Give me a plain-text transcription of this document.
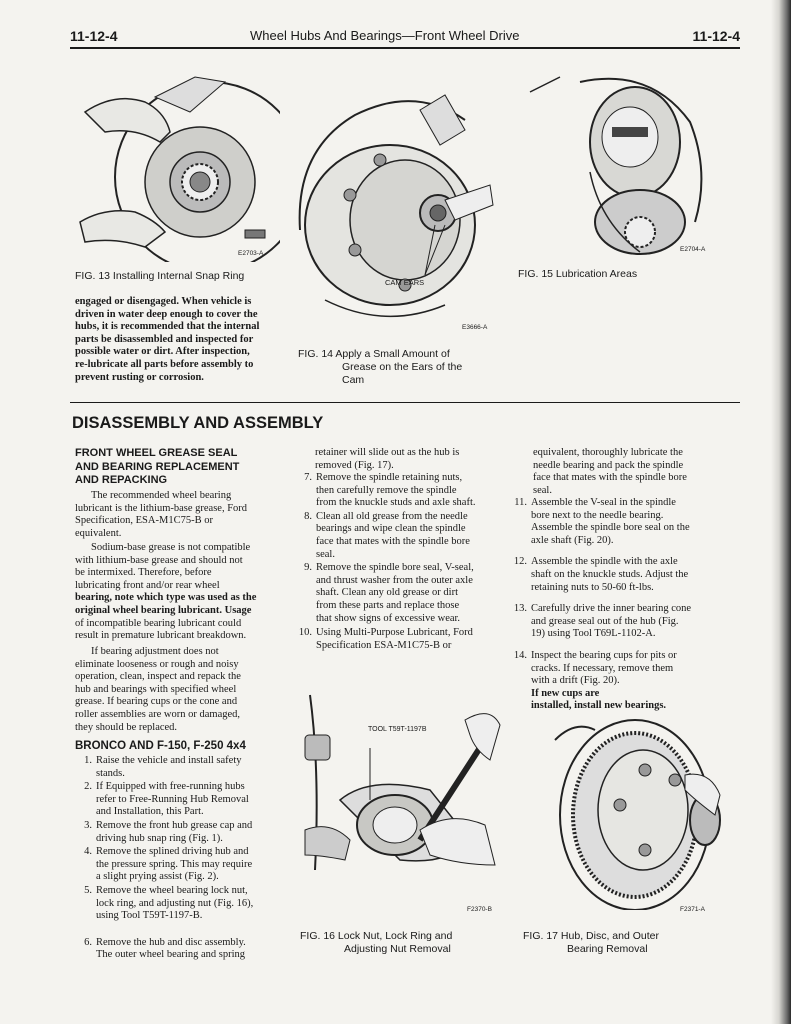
11-12-4	Wheel Hubs And Bearings—Front Wheel Drive	11-12-4
E2703-A
FIG. 13 Installing Internal Snap Ring
CAM EARS
E3666-A
FIG. 14 Apply a Small Amount of
Grease on the Ears of the
Cam
E2704-A
FIG. 15 Lubrication Areas
engaged or disengaged. When vehicle is
driven in water deep enough to cover the
hubs, it is recommended that the internal
parts be disassembled and inspected for
possible water or dirt. After inspection,
re-lubricate all parts before assembly to
prevent rusting or corrosion.
DISASSEMBLY AND ASSEMBLY
FRONT WHEEL GREASE SEAL
AND BEARING REPLACEMENT
AND REPACKING
The recommended wheel bearing
lubricant is the lithium-base grease, Ford
Specification, ESA-M1C75-B or
equivalent.
Sodium-base grease is not compatible
with lithium-base grease and should not
be intermixed. Therefore, before
lubricating front and/or rear wheel
bearing, note which type was used as the
original wheel bearing lubricant. Usage
of incompatible bearing lubricant could
result in premature lubricant breakdown.
If bearing adjustment does not
eliminate looseness or rough and noisy
operation, clean, inspect and repack the
hub and bearings with specified wheel
grease. If bearing cups or the cone and
roller assemblies are worn or damaged,
they should be replaced.
BRONCO AND F-150, F-250 4x4
1. Raise the vehicle and install safety
stands.
2. If Equipped with free-running hubs
refer to Free-Running Hub Removal
and Installation, this Part.
3. Remove the front hub grease cap and
driving hub snap ring (Fig. 1).
4. Remove the splined driving hub and
the pressure spring. This may require
a slight prying assist (Fig. 2).
5. Remove the wheel bearing lock nut,
lock ring, and adjusting nut (Fig. 16),
using Tool T59T-1197-B.
6. Remove the hub and disc assembly.
The outer wheel bearing and spring
retainer will slide out as the hub is
removed (Fig. 17).
7. Remove the spindle retaining nuts,
then carefully remove the spindle
from the knuckle studs and axle shaft.
8. Clean all old grease from the needle
bearings and wipe clean the spindle
face that mates with the spindle bore
seal.
9. Remove the spindle bore seal, V-seal,
and thrust washer from the outer axle
shaft. Clean any old grease or dirt
from these parts and replace those
that show signs of excessive wear.
10. Using Multi-Purpose Lubricant, Ford
Specification ESA-M1C75-B or
TOOL T59T-1197B
F2370-B
FIG. 16 Lock Nut, Lock Ring and
Adjusting Nut Removal
equivalent, thoroughly lubricate the
needle bearing and pack the spindle
face that mates with the spindle bore
seal.
11. Assemble the V-seal in the spindle
bore next to the needle bearing.
Assemble the spindle bore seal on the
axle shaft (Fig. 20).
12. Assemble the spindle with the axle
shaft on the knuckle studs. Adjust the
retaining nuts to 50-60 ft-lbs.
13. Carefully drive the inner bearing cone
and grease seal out of the hub (Fig.
19) using Tool T69L-1102-A.
14. Inspect the bearing cups for pits or
cracks. If necessary, remove them
with a drift (Fig. 20).
If new cups are
installed, install new bearings.
F2371-A
FIG. 17 Hub, Disc, and Outer
Bearing Removal
